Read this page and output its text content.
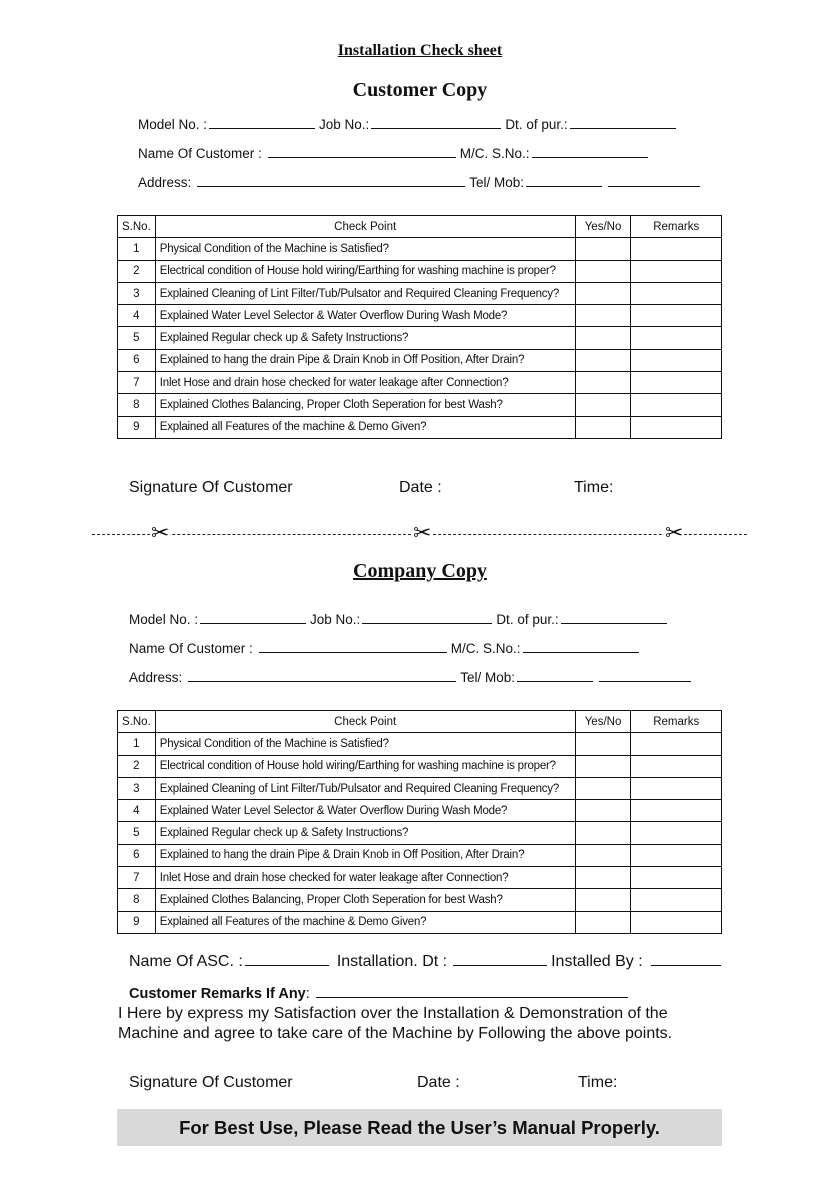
Installation Check sheet
Customer Copy
Model No. :	Job No.:	Dt. of pur.:
Name Of Customer :	M/C. S.No.:
Address:	Tel/ Mob:
S.No.	Check Point	Yes/No	Remarks
1	Physical Condition of the Machine is Satisfied?		
2	Electrical condition of House hold wiring/Earthing for washing machine is proper?		
3	Explained Cleaning of Lint Filter/Tub/Pulsator and Required Cleaning Frequency?		
4	Explained Water Level Selector & Water Overflow During Wash Mode?		
5	Explained Regular check up & Safety Instructions?		
6	Explained to hang the drain Pipe & Drain Knob in Off Position, After Drain?		
7	Inlet Hose and drain hose checked for water leakage after Connection?		
8	Explained Clothes Balancing, Proper Cloth Seperation for best Wash?		
9	Explained all Features of the machine & Demo Given?		
Signature Of Customer	Date :	Time:
✂	✂	✂
Company Copy
Model No. :	Job No.:	Dt. of pur.:
Name Of Customer :	M/C. S.No.:
Address:	Tel/ Mob:
S.No.	Check Point	Yes/No	Remarks
1	Physical Condition of the Machine is Satisfied?		
2	Electrical condition of House hold wiring/Earthing for washing machine is proper?		
3	Explained Cleaning of Lint Filter/Tub/Pulsator and Required Cleaning Frequency?		
4	Explained Water Level Selector & Water Overflow During Wash Mode?		
5	Explained Regular check up & Safety Instructions?		
6	Explained to hang the drain Pipe & Drain Knob in Off Position, After Drain?		
7	Inlet Hose and drain hose checked for water leakage after Connection?		
8	Explained Clothes Balancing, Proper Cloth Seperation for best Wash?		
9	Explained all Features of the machine & Demo Given?		
Name Of ASC. :	Installation. Dt :	Installed By :
Customer Remarks If Any :
I Here by express my Satisfaction over the Installation & Demonstration of the Machine and agree to take care of the Machine by Following the above points.
Signature Of Customer	Date :	Time:
For Best Use, Please Read the User’s Manual Properly.
